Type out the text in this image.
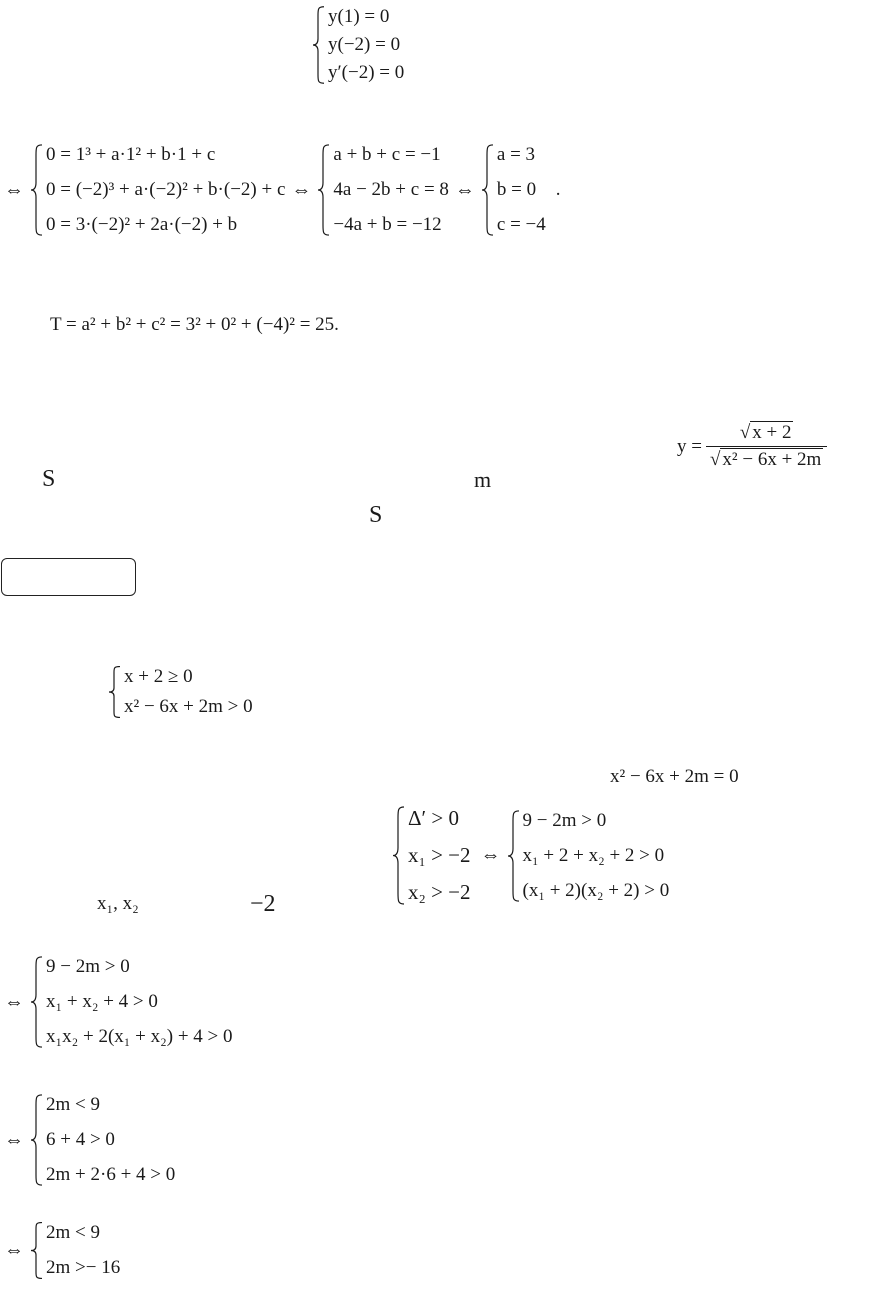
y(1) = 0
y(−2) = 0
y′(−2) = 0
⇔
0 = 1³ + a·1² + b·1 + c
0 = (−2)³ + a·(−2)² + b·(−2) + c
0 = 3·(−2)² + 2a·(−2) + b
⇔
a + b + c = −1
4a − 2b + c = 8
−4a + b = −12
⇔
a = 3
b = 0
c = −4
.
T = a² + b² + c² = 3² + 0² + (−4)² = 25.
S	m
S
$y = \frac{√ x + 2}{\text{√ x² − 6x + 2m}}$
x + 2 ≥ 0
x² − 6x + 2m > 0
x² − 6x + 2m = 0
Δ′ > 0
x₁ > −2
x₂ > −2
⇔
9 − 2m > 0
x₁ + 2 + x₂ + 2 > 0
(x₁ + 2)(x₂ + 2) > 0
x₁, x₂	−2
⇔
9 − 2m > 0
x₁ + x₂ + 4 > 0
x₁x₂ + 2(x₁ + x₂) + 4 > 0
⇔
2m < 9
6 + 4 > 0
2m + 2·6 + 4 > 0
⇔
2m < 9
2m >− 16
